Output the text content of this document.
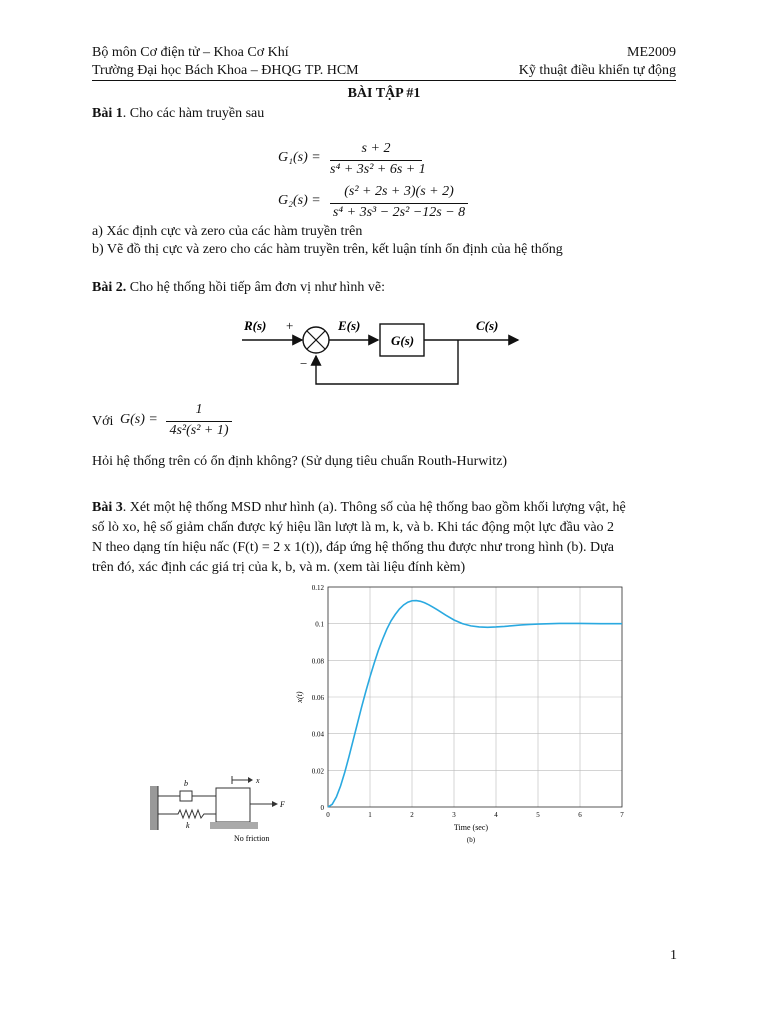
Bộ môn Cơ điện tử – Khoa Cơ Khí
Trường Đại học Bách Khoa – ĐHQG TP. HCM
ME2009
Kỹ thuật điều khiển tự động
BÀI TẬP #1
Bài 1. Cho các hàm truyền sau
G₁(s) =
s + 2
s⁴ + 3s² + 6s + 1
G₂(s) =
(s² + 2s + 3)(s + 2)
s⁴ + 3s³ − 2s² −12s − 8
a) Xác định cực và zero của các hàm truyền trên
b) Vẽ đồ thị cực và zero cho các hàm truyền trên, kết luận tính ổn định của hệ thống
Bài 2. Cho hệ thống hồi tiếp âm đơn vị như hình vẽ:
R(s) +	E(s)
G(s)
C(s)
−
Với G(s) =
1
4s²(s² + 1)
Hỏi hệ thống trên có ổn định không? (Sử dụng tiêu chuẩn Routh-Hurwitz)
Bài 3. Xét một hệ thống MSD như hình (a). Thông số của hệ thống bao gồm khối lượng vật, hệ
số lò xo, hệ số giảm chấn được ký hiệu lần lượt là m, k, và b. Khi tác động một lực đầu vào 2
N theo dạng tín hiệu nấc (F(t) = 2 x 1(t)), đáp ứng hệ thống thu được như trong hình (b). Dựa
trên đó, xác định các giá trị của k, b, và m. (xem tài liệu đính kèm)
b
k
x
F
No friction
0
0.02
0.04
0.06
0.08
0.1
0.12
0	1	2	3	4	5	6	7
Time (sec)
(b)
x(t)
1
